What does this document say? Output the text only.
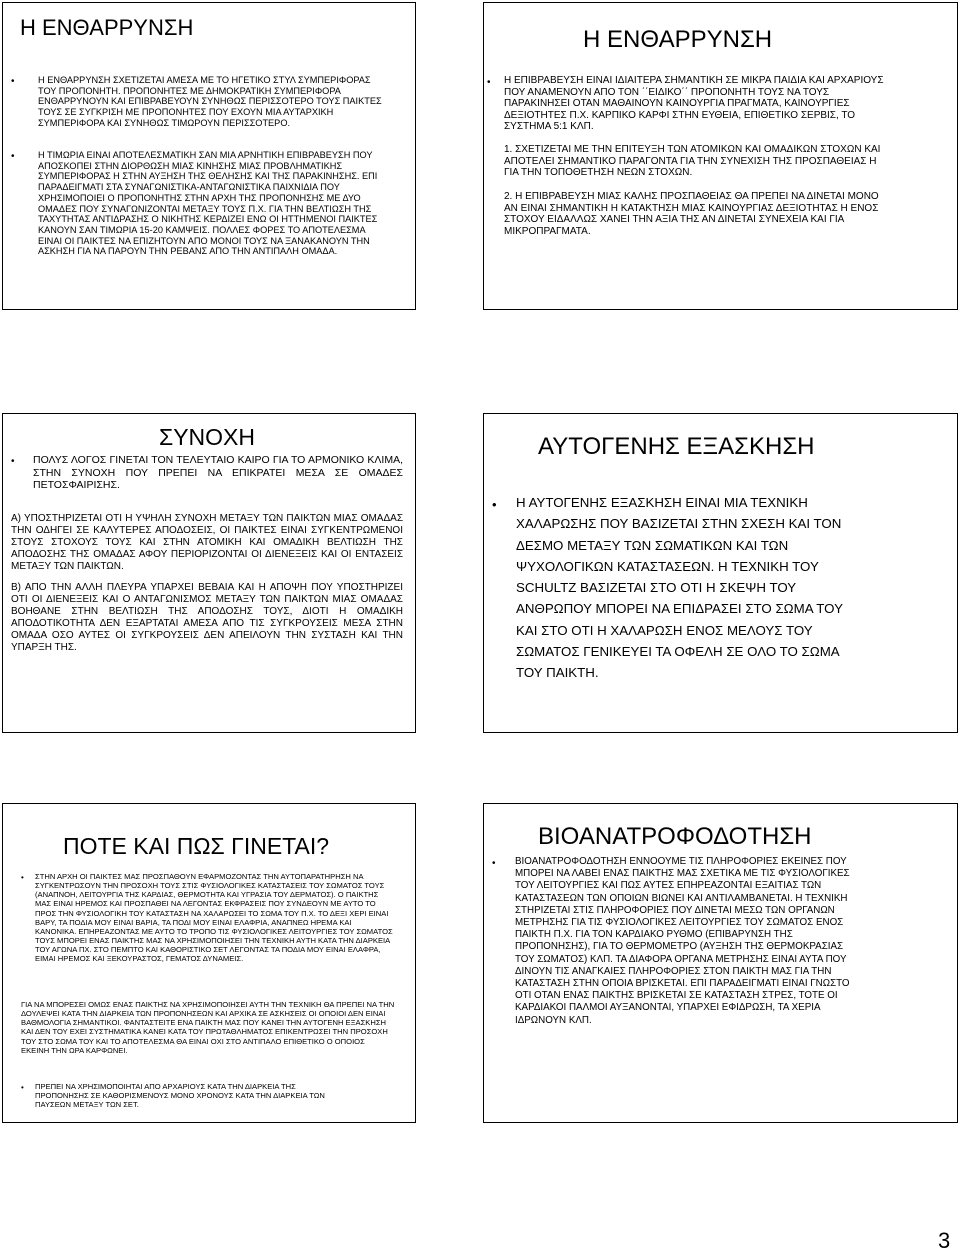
Η ΕΝΘΑΡΡΥΝΣΗ
•	Η ΕΝΘΑΡΡΥΝΣΗ ΣΧΕΤΙΖΕΤΑΙ ΑΜΕΣΑ ΜΕ ΤΟ ΗΓΕΤΙΚΟ ΣΤΥΛ ΣΥΜΠΕΡΙΦΟΡΑΣ ΤΟΥ ΠΡΟΠΟΝΗΤΗ. ΠΡΟΠΟΝΗΤΕΣ ΜΕ ΔΗΜΟΚΡΑΤΙΚΗ ΣΥΜΠΕΡΙΦΟΡΑ ΕΝΘΑΡΡΥΝΟΥΝ ΚΑΙ ΕΠΙΒΡΑΒΕΥΟΥΝ ΣΥΝΗΘΩΣ ΠΕΡΙΣΣΟΤΕΡΟ ΤΟΥΣ ΠΑΙΚΤΕΣ ΤΟΥΣ ΣΕ ΣΥΓΚΡΙΣΗ ΜΕ ΠΡΟΠΟΝΗΤΕΣ ΠΟΥ ΕΧΟΥΝ ΜΙΑ ΑΥΤΑΡΧΙΚΗ ΣΥΜΠΕΡΙΦΟΡΑ ΚΑΙ ΣΥΝΗΘΩΣ ΤΙΜΩΡΟΥΝ ΠΕΡΙΣΣΟΤΕΡΟ.
•	Η ΤΙΜΩΡΙΑ ΕΙΝΑΙ ΑΠΟΤΕΛΕΣΜΑΤΙΚΗ ΣΑΝ ΜΙΑ ΑΡΝΗΤΙΚΗ ΕΠΙΒΡΑΒΕΥΣΗ ΠΟΥ ΑΠΟΣΚΟΠΕΙ ΣΤΗΝ ΔΙΟΡΘΩΣΗ ΜΙΑΣ ΚΙΝΗΣΗΣ ΜΙΑΣ ΠΡΟΒΛΗΜΑΤΙΚΗΣ ΣΥΜΠΕΡΙΦΟΡΑΣ Η ΣΤΗΝ ΑΥΞΗΣΗ ΤΗΣ ΘΕΛΗΣΗΣ ΚΑΙ ΤΗΣ ΠΑΡΑΚΙΝΗΣΗΣ. ΕΠΙ ΠΑΡΑΔΕΙΓΜΑΤΙ ΣΤΑ ΣΥΝΑΓΩΝΙΣΤΙΚΑ-ΑΝΤΑΓΩΝΙΣΤΙΚΑ ΠΑΙΧΝΙΔΙΑ ΠΟΥ ΧΡΗΣΙΜΟΠΟΙΕΙ Ο ΠΡΟΠΟΝΗΤΗΣ ΣΤΗΝ ΑΡΧΗ ΤΗΣ ΠΡΟΠΟΝΗΣΗΣ ΜΕ ΔΥΟ ΟΜΑΔΕΣ ΠΟΥ ΣΥΝΑΓΩΝΙΖΟΝΤΑΙ ΜΕΤΑΞΥ ΤΟΥΣ Π.Χ. ΓΙΑ ΤΗΝ ΒΕΛΤΙΩΣΗ ΤΗΣ ΤΑΧΥΤΗΤΑΣ ΑΝΤΙΔΡΑΣΗΣ Ο ΝΙΚΗΤΗΣ ΚΕΡΔΙΖΕΙ ΕΝΩ ΟΙ ΗΤΤΗΜΕΝΟΙ ΠΑΙΚΤΕΣ ΚΑΝΟΥΝ ΣΑΝ ΤΙΜΩΡΙΑ 15-20 ΚΑΜΨΕΙΣ. ΠΟΛΛΕΣ ΦΟΡΕΣ ΤΟ ΑΠΟΤΕΛΕΣΜΑ ΕΙΝΑΙ ΟΙ ΠΑΙΚΤΕΣ ΝΑ ΕΠΙΖΗΤΟΥΝ ΑΠΟ ΜΟΝΟΙ ΤΟΥΣ ΝΑ ΞΑΝΑΚΑΝΟΥΝ ΤΗΝ ΑΣΚΗΣΗ ΓΙΑ ΝΑ ΠΑΡΟΥΝ ΤΗΝ ΡΕΒΑΝΣ ΑΠΟ ΤΗΝ ΑΝΤΙΠΑΛΗ ΟΜΑΔΑ.
Η ΕΝΘΑΡΡΥΝΣΗ
• Η ΕΠΙΒΡΑΒΕΥΣΗ ΕΙΝΑΙ ΙΔΙΑΙΤΕΡΑ ΣΗΜΑΝΤΙΚΗ ΣΕ ΜΙΚΡΑ ΠΑΙΔΙΑ ΚΑΙ ΑΡΧΑΡΙΟΥΣ ΠΟΥ ΑΝΑΜΕΝΟΥΝ ΑΠΟ ΤΟΝ ΄΄ΕΙΔΙΚΟ΄΄ ΠΡΟΠΟΝΗΤΗ ΤΟΥΣ ΝΑ ΤΟΥΣ ΠΑΡΑΚΙΝΗΣΕΙ ΟΤΑΝ ΜΑΘΑΙΝΟΥΝ ΚΑΙΝΟΥΡΓΙΑ ΠΡΑΓΜΑΤΑ, ΚΑΙΝΟΥΡΓΙΕΣ ΔΕΞΙΟΤΗΤΕΣ Π.Χ. ΚΑΡΠΙΚΟ ΚΑΡΦΙ ΣΤΗΝ ΕΥΘΕΙΑ, ΕΠΙΘΕΤΙΚΟ ΣΕΡΒΙΣ, ΤΟ ΣΥΣΤΗΜΑ 5:1 ΚΛΠ.
1. ΣΧΕΤΙΖΕΤΑΙ ΜΕ ΤΗΝ ΕΠΙΤΕΥΞΗ ΤΩΝ ΑΤΟΜΙΚΩΝ ΚΑΙ ΟΜΑΔΙΚΩΝ ΣΤΟΧΩΝ ΚΑΙ ΑΠΟΤΕΛΕΙ ΣΗΜΑΝΤΙΚΟ ΠΑΡΑΓΟΝΤΑ ΓΙΑ ΤΗΝ ΣΥΝΕΧΙΣΗ ΤΗΣ ΠΡΟΣΠΑΘΕΙΑΣ Η ΓΙΑ ΤΗΝ ΤΟΠΟΘΕΤΗΣΗ ΝΕΩΝ ΣΤΟΧΩΝ.
2. Η ΕΠΙΒΡΑΒΕΥΣΗ ΜΙΑΣ ΚΑΛΗΣ ΠΡΟΣΠΑΘΕΙΑΣ ΘΑ ΠΡΕΠΕΙ ΝΑ ΔΙΝΕΤΑΙ ΜΟΝΟ ΑΝ ΕΙΝΑΙ ΣΗΜΑΝΤΙΚΗ Η ΚΑΤΑΚΤΗΣΗ ΜΙΑΣ ΚΑΙΝΟΥΡΓΙΑΣ ΔΕΞΙΟΤΗΤΑΣ Η ΕΝΟΣ ΣΤΟΧΟΥ ΕΙΔΑΛΛΩΣ ΧΑΝΕΙ ΤΗΝ ΑΞΙΑ ΤΗΣ ΑΝ ΔΙΝΕΤΑΙ ΣΥΝΕΧΕΙΑ ΚΑΙ ΓΙΑ ΜΙΚΡΟΠΡΑΓΜΑΤΑ.
ΣΥΝΟΧΗ
• ΠΟΛΥΣ ΛΟΓΟΣ ΓΙΝΕΤΑΙ ΤΟΝ ΤΕΛΕΥΤΑΙΟ ΚΑΙΡΟ ΓΙΑ ΤΟ ΑΡΜΟΝΙΚΟ ΚΛΙΜΑ, ΣΤΗΝ ΣΥΝΟΧΗ ΠΟΥ ΠΡΕΠΕΙ ΝΑ ΕΠΙΚΡΑΤΕΙ ΜΕΣΑ ΣΕ ΟΜΑΔΕΣ ΠΕΤΟΣΦΑΙΡΙΣΗΣ.
Α) ΥΠΟΣΤΗΡΙΖΕΤΑΙ ΟΤΙ Η ΥΨΗΛΗ ΣΥΝΟΧΗ ΜΕΤΑΞΥ ΤΩΝ ΠΑΙΚΤΩΝ ΜΙΑΣ ΟΜΑΔΑΣ ΤΗΝ ΟΔΗΓΕΙ ΣΕ ΚΑΛΥΤΕΡΕΣ ΑΠΟΔΟΣΕΙΣ, ΟΙ ΠΑΙΚΤΕΣ ΕΙΝΑΙ ΣΥΓΚΕΝΤΡΩΜΕΝΟΙ ΣΤΟΥΣ ΣΤΟΧΟΥΣ ΤΟΥΣ ΚΑΙ ΣΤΗΝ ΑΤΟΜΙΚΗ ΚΑΙ ΟΜΑΔΙΚΗ ΒΕΛΤΙΩΣΗ ΤΗΣ ΑΠΟΔΟΣΗΣ ΤΗΣ ΟΜΑΔΑΣ ΑΦΟΥ ΠΕΡΙΟΡΙΖΟΝΤΑΙ ΟΙ ΔΙΕΝΕΞΕΙΣ ΚΑΙ ΟΙ ΕΝΤΑΣΕΙΣ ΜΕΤΑΞΥ ΤΩΝ ΠΑΙΚΤΩΝ.
Β) ΑΠΟ ΤΗΝ ΑΛΛΗ ΠΛΕΥΡΑ ΥΠΑΡΧΕΙ ΒΕΒΑΙΑ ΚΑΙ Η ΑΠΟΨΗ ΠΟΥ ΥΠΟΣΤΗΡΙΖΕΙ ΟΤΙ ΟΙ ΔΙΕΝΕΞΕΙΣ ΚΑΙ Ο ΑΝΤΑΓΩΝΙΣΜΟΣ ΜΕΤΑΞΥ ΤΩΝ ΠΑΙΚΤΩΝ ΜΙΑΣ ΟΜΑΔΑΣ ΒΟΗΘΑΝΕ ΣΤΗΝ ΒΕΛΤΙΩΣΗ ΤΗΣ ΑΠΟΔΟΣΗΣ ΤΟΥΣ, ΔΙΟΤΙ Η ΟΜΑΔΙΚΗ ΑΠΟΔΟΤΙΚΟΤΗΤΑ ΔΕΝ ΕΞΑΡΤΑΤΑΙ ΑΜΕΣΑ ΑΠΟ ΤΙΣ ΣΥΓΚΡΟΥΣΕΙΣ ΜΕΣΑ ΣΤΗΝ ΟΜΑΔΑ ΟΣΟ ΑΥΤΕΣ ΟΙ ΣΥΓΚΡΟΥΣΕΙΣ ΔΕΝ ΑΠΕΙΛΟΥΝ ΤΗΝ ΣΥΣΤΑΣΗ ΚΑΙ ΤΗΝ ΥΠΑΡΞΗ ΤΗΣ.
ΑΥΤΟΓΕΝΗΣ ΕΞΑΣΚΗΣΗ
• Η ΑΥΤΟΓΕΝΗΣ ΕΞΑΣΚΗΣΗ ΕΙΝΑΙ ΜΙΑ ΤΕΧΝΙΚΗ ΧΑΛΑΡΩΣΗΣ ΠΟΥ ΒΑΣΙΖΕΤΑΙ ΣΤΗΝ ΣΧΕΣΗ ΚΑΙ ΤΟΝ ΔΕΣΜΟ ΜΕΤΑΞΥ ΤΩΝ ΣΩΜΑΤΙΚΩΝ ΚΑΙ ΤΩΝ ΨΥΧΟΛΟΓΙΚΩΝ ΚΑΤΑΣΤΑΣΕΩΝ. Η ΤΕΧΝΙΚΗ ΤΟΥ SCHULTZ ΒΑΣΙΖΕΤΑΙ ΣΤΟ ΟΤΙ Η ΣΚΕΨΗ ΤΟΥ ΑΝΘΡΩΠΟΥ ΜΠΟΡΕΙ ΝΑ ΕΠΙΔΡΑΣΕΙ ΣΤΟ ΣΩΜΑ ΤΟΥ ΚΑΙ ΣΤΟ ΟΤΙ Η ΧΑΛΑΡΩΣΗ ΕΝΟΣ ΜΕΛΟΥΣ ΤΟΥ ΣΩΜΑΤΟΣ ΓΕΝΙΚΕΥΕΙ ΤΑ ΟΦΕΛΗ ΣΕ ΟΛΟ ΤΟ ΣΩΜΑ ΤΟΥ ΠΑΙΚΤΗ.
ΠΟΤΕ ΚΑΙ ΠΩΣ ΓΙΝΕΤΑΙ?
• ΣΤΗΝ ΑΡΧΗ ΟΙ ΠΑΙΚΤΕΣ ΜΑΣ ΠΡΟΣΠΑΘΟΥΝ ΕΦΑΡΜΟΖΟΝΤΑΣ ΤΗΝ ΑΥΤΟΠΑΡΑΤΗΡΗΣΗ ΝΑ ΣΥΓΚΕΝΤΡΩΣΟΥΝ ΤΗΝ ΠΡΟΣΟΧΗ ΤΟΥΣ ΣΤΙΣ ΦΥΣΙΟΛΟΓΙΚΕΣ ΚΑΤΑΣΤΑΣΕΙΣ ΤΟΥ ΣΩΜΑΤΟΣ ΤΟΥΣ (ΑΝΑΠΝΟΗ, ΛΕΙΤΟΥΡΓΙΑ ΤΗΣ ΚΑΡΔΙΑΣ, ΘΕΡΜΟΤΗΤΑ ΚΑΙ ΥΓΡΑΣΙΑ ΤΟΥ ΔΕΡΜΑΤΟΣ). Ο ΠΑΙΚΤΗΣ ΜΑΣ ΕΙΝΑΙ ΗΡΕΜΟΣ ΚΑΙ ΠΡΟΣΠΑΘΕΙ ΝΑ ΛΕΓΟΝΤΑΣ ΕΚΦΡΑΣΕΙΣ ΠΟΥ ΣΥΝΔΕΟΥΝ ΜΕ ΑΥΤΟ ΤΟ ΠΡΟΣ ΤΗΝ ΦΥΣΙΟΛΟΓΙΚΗ ΤΟΥ ΚΑΤΑΣΤΑΣΗ ΝΑ ΧΑΛΑΡΩΣΕΙ ΤΟ ΣΩΜΑ ΤΟΥ Π.Χ. ΤΟ ΔΕΞΙ ΧΕΡΙ ΕΙΝΑΙ ΒΑΡΥ, ΤΑ ΠΟΔΙΑ ΜΟΥ ΕΙΝΑΙ ΒΑΡΙΑ, ΤΑ ΠΟΔΙ ΜΟΥ ΕΙΝΑΙ ΕΛΑΦΡΙΑ, ΑΝΑΠΝΕΩ ΗΡΕΜΑ ΚΑΙ ΚΑΝΟΝΙΚΑ. ΕΠΗΡΕΑΖΟΝΤΑΣ ΜΕ ΑΥΤΟ ΤΟ ΤΡΟΠΟ ΤΙΣ ΦΥΣΙΟΛΟΓΙΚΕΣ ΛΕΙΤΟΥΡΓΙΕΣ ΤΟΥ ΣΩΜΑΤΟΣ ΤΟΥΣ ΜΠΟΡΕΙ ΕΝΑΣ ΠΑΙΚΤΗΣ ΜΑΣ ΝΑ ΧΡΗΣΙΜΟΠΟΙΗΣΕΙ ΤΗΝ ΤΕΧΝΙΚΗ ΑΥΤΗ ΚΑΤΑ ΤΗΝ ΔΙΑΡΚΕΙΑ ΤΟΥ ΑΓΩΝΑ ΠΧ. ΣΤΟ ΠΕΜΠΤΟ ΚΑΙ ΚΑΘΟΡΙΣΤΙΚΟ ΣΕΤ ΛΕΓΟΝΤΑΣ ΤΑ ΠΟΔΙΑ ΜΟΥ ΕΙΝΑΙ ΕΛΑΦΡΑ, ΕΙΜΑΙ ΗΡΕΜΟΣ ΚΑΙ ΞΕΚΟΥΡΑΣΤΟΣ, ΓΕΜΑΤΟΣ ΔΥΝΑΜΕΙΣ.
ΓΙΑ ΝΑ ΜΠΟΡΕΣΕΙ ΟΜΩΣ ΕΝΑΣ ΠΑΙΚΤΗΣ ΝΑ ΧΡΗΣΙΜΟΠΟΙΗΣΕΙ ΑΥΤΗ ΤΗΝ ΤΕΧΝΙΚΗ ΘΑ ΠΡΕΠΕΙ ΝΑ ΤΗΝ ΔΟΥΛΕΨΕΙ ΚΑΤΑ ΤΗΝ ΔΙΑΡΚΕΙΑ ΤΩΝ ΠΡΟΠΟΝΗΣΕΩΝ ΚΑΙ ΑΡΧΙΚΑ ΣΕ ΑΣΚΗΣΕΙΣ ΟΙ ΟΠΟΙΟΙ ΔΕΝ ΕΙΝΑΙ ΒΑΘΜΟΛΟΓΙΑ ΣΗΜΑΝΤΙΚΟΙ. ΦΑΝΤΑΣΤΕΙΤΕ ΕΝΑ ΠΑΙΚΤΗ ΜΑΣ ΠΟΥ ΚΑΝΕΙ ΤΗΝ ΑΥΤΟΓΕΝΗ ΕΞΑΣΚΗΣΗ ΚΑΙ ΔΕΝ ΤΟΥ ΕΧΕΙ ΣΥΣΤΗΜΑΤΙΚΑ ΚΑΝΕΙ ΚΑΤΑ ΤΟΥ ΠΡΩΤΑΘΛΗΜΑΤΟΣ ΕΠΙΚΕΝΤΡΩΣΕΙ ΤΗΝ ΠΡΟΣΟΧΗ ΤΟΥ ΣΤΟ ΣΩΜΑ ΤΟΥ ΚΑΙ ΤΟ ΑΠΟΤΕΛΕΣΜΑ ΘΑ ΕΙΝΑΙ ΟΧΙ ΣΤΟ ΑΝΤΙΠΑΛΟ ΕΠΙΘΕΤΙΚΟ Ο ΟΠΟΙΟΣ ΕΚΕΙΝΗ ΤΗΝ ΩΡΑ ΚΑΡΦΩΝΕΙ.
• ΠΡΕΠΕΙ ΝΑ ΧΡΗΣΙΜΟΠΟΙΗΤΑΙ ΑΠΟ ΑΡΧΑΡΙΟΥΣ ΚΑΤΑ ΤΗΝ ΔΙΑΡΚΕΙΑ ΤΗΣ ΠΡΟΠΟΝΗΣΗΣ ΣΕ ΚΑΘΟΡΙΣΜΕΝΟΥΣ ΜΟΝΟ ΧΡΟΝΟΥΣ ΚΑΤΑ ΤΗΝ ΔΙΑΡΚΕΙΑ ΤΩΝ ΠΑΥΣΕΩΝ ΜΕΤΑΞΥ ΤΩΝ ΣΕΤ.
ΒΙΟΑΝΑΤΡΟΦΟΔΟΤΗΣΗ
• ΒΙΟΑΝΑΤΡΟΦΟΔΟΤΗΣΗ ΕΝΝΟΟΥΜΕ ΤΙΣ ΠΛΗΡΟΦΟΡΙΕΣ ΕΚΕΙΝΕΣ ΠΟΥ ΜΠΟΡΕΙ ΝΑ ΛΑΒΕΙ ΕΝΑΣ ΠΑΙΚΤΗΣ ΜΑΣ ΣΧΕΤΙΚΑ ΜΕ ΤΙΣ ΦΥΣΙΟΛΟΓΙΚΕΣ ΤΟΥ ΛΕΙΤΟΥΡΓΙΕΣ ΚΑΙ ΠΩΣ ΑΥΤΕΣ ΕΠΗΡΕΑΖΟΝΤΑΙ ΕΞΑΙΤΙΑΣ ΤΩΝ ΚΑΤΑΣΤΑΣΕΩΝ ΤΩΝ ΟΠΟΙΩΝ ΒΙΩΝΕΙ ΚΑΙ ΑΝΤΙΛΑΜΒΑΝΕΤΑΙ. Η ΤΕΧΝΙΚΗ ΣΤΗΡΙΖΕΤΑΙ ΣΤΙΣ ΠΛΗΡΟΦΟΡΙΕΣ ΠΟΥ ΔΙΝΕΤΑΙ ΜΕΣΩ ΤΩΝ ΟΡΓΑΝΩΝ ΜΕΤΡΗΣΗΣ ΓΙΑ ΤΙΣ ΦΥΣΙΟΛΟΓΙΚΕΣ ΛΕΙΤΟΥΡΓΙΕΣ ΤΟΥ ΣΩΜΑΤΟΣ ΕΝΟΣ ΠΑΙΚΤΗ Π.Χ. ΓΙΑ ΤΟΝ ΚΑΡΔΙΑΚΟ ΡΥΘΜΟ (ΕΠΙΒΑΡΥΝΣΗ ΤΗΣ ΠΡΟΠΟΝΗΣΗΣ), ΓΙΑ ΤΟ ΘΕΡΜΟΜΕΤΡΟ (ΑΥΞΗΣΗ ΤΗΣ ΘΕΡΜΟΚΡΑΣΙΑΣ ΤΟΥ ΣΩΜΑΤΟΣ) ΚΛΠ. ΤΑ ΔΙΑΦΟΡΑ ΟΡΓΑΝΑ ΜΕΤΡΗΣΗΣ ΕΙΝΑΙ ΑΥΤΑ ΠΟΥ ΔΙΝΟΥΝ ΤΙΣ ΑΝΑΓΚΑΙΕΣ ΠΛΗΡΟΦΟΡΙΕΣ ΣΤΟΝ ΠΑΙΚΤΗ ΜΑΣ ΓΙΑ ΤΗΝ ΚΑΤΑΣΤΑΣΗ ΣΤΗΝ ΟΠΟΙΑ ΒΡΙΣΚΕΤΑΙ. ΕΠΙ ΠΑΡΑΔΕΙΓΜΑΤΙ ΕΙΝΑΙ ΓΝΩΣΤΟ ΟΤΙ ΟΤΑΝ ΕΝΑΣ ΠΑΙΚΤΗΣ ΒΡΙΣΚΕΤΑΙ ΣΕ ΚΑΤΑΣΤΑΣΗ ΣΤΡΕΣ, ΤΟΤΕ ΟΙ ΚΑΡΔΙΑΚΟΙ ΠΑΛΜΟΙ ΑΥΞΑΝΟΝΤΑΙ, ΥΠΑΡΧΕΙ ΕΦΙΔΡΩΣΗ, ΤΑ ΧΕΡΙΑ ΙΔΡΩΝΟΥΝ ΚΛΠ.
3
